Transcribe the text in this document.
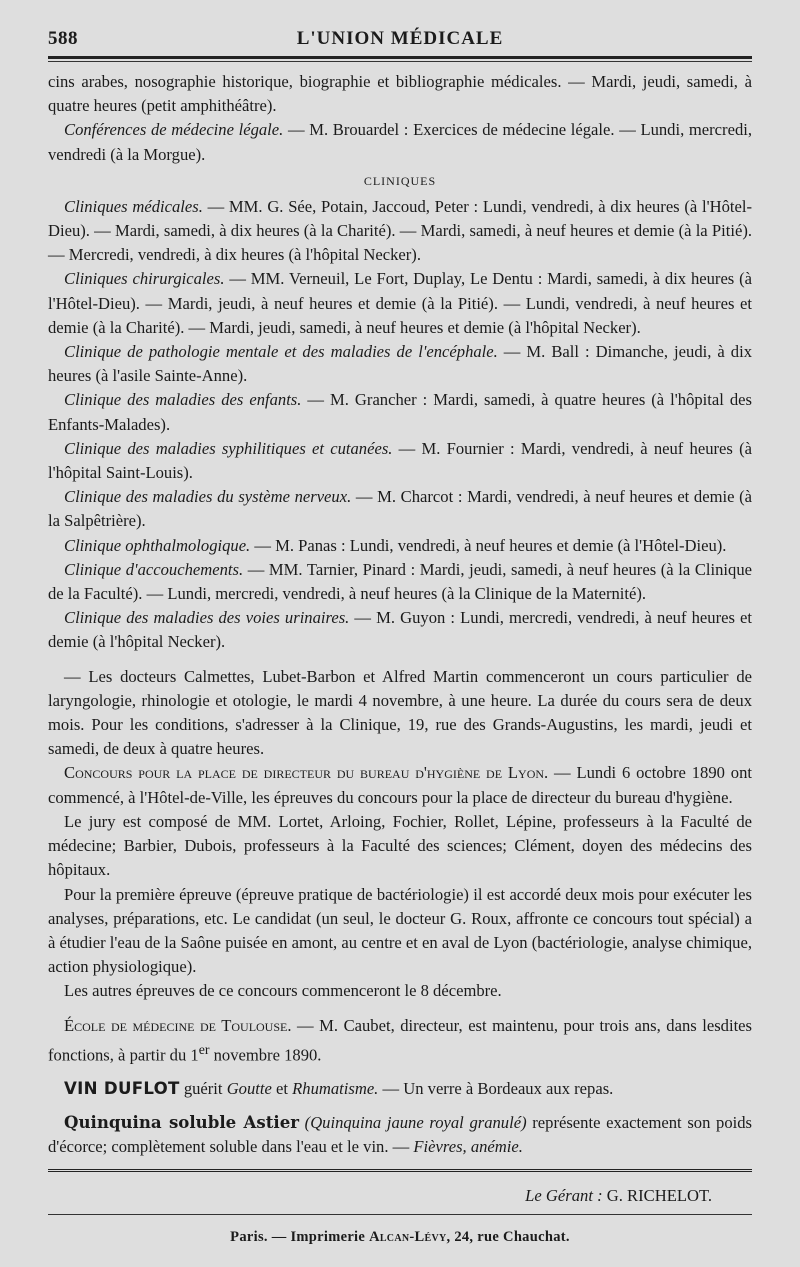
588	L'UNION MÉDICALE

cins arabes, nosographie historique, biographie et bibliographie médicales. — Mardi, jeudi, samedi, à quatre heures (petit amphithéâtre).

Conférences de médecine légale. — M. Brouardel : Exercices de médecine légale. — Lundi, mercredi, vendredi (à la Morgue).

CLINIQUES

Cliniques médicales. — MM. G. Sée, Potain, Jaccoud, Peter : Lundi, vendredi, à dix heures (à l'Hôtel-Dieu). — Mardi, samedi, à dix heures (à la Charité). — Mardi, samedi, à neuf heures et demie (à la Pitié). — Mercredi, vendredi, à dix heures (à l'hôpital Necker).

Cliniques chirurgicales. — MM. Verneuil, Le Fort, Duplay, Le Dentu : Mardi, samedi, à dix heures (à l'Hôtel-Dieu). — Mardi, jeudi, à neuf heures et demie (à la Pitié). — Lundi, vendredi, à neuf heures et demie (à la Charité). — Mardi, jeudi, samedi, à neuf heures et demie (à l'hôpital Necker).

Clinique de pathologie mentale et des maladies de l'encéphale. — M. Ball : Dimanche, jeudi, à dix heures (à l'asile Sainte-Anne).

Clinique des maladies des enfants. — M. Grancher : Mardi, samedi, à quatre heures (à l'hôpital des Enfants-Malades).

Clinique des maladies syphilitiques et cutanées. — M. Fournier : Mardi, vendredi, à neuf heures (à l'hôpital Saint-Louis).

Clinique des maladies du système nerveux. — M. Charcot : Mardi, vendredi, à neuf heures et demie (à la Salpêtrière).

Clinique ophthalmologique. — M. Panas : Lundi, vendredi, à neuf heures et demie (à l'Hôtel-Dieu).

Clinique d'accouchements. — MM. Tarnier, Pinard : Mardi, jeudi, samedi, à neuf heures (à la Clinique de la Faculté). — Lundi, mercredi, vendredi, à neuf heures (à la Clinique de la Maternité).

Clinique des maladies des voies urinaires. — M. Guyon : Lundi, mercredi, vendredi, à neuf heures et demie (à l'hôpital Necker).

— Les docteurs Calmettes, Lubet-Barbon et Alfred Martin commenceront un cours particulier de laryngologie, rhinologie et otologie, le mardi 4 novembre, à une heure. La durée du cours sera de deux mois. Pour les conditions, s'adresser à la Clinique, 19, rue des Grands-Augustins, les mardi, jeudi et samedi, de deux à quatre heures.

Concours pour la place de directeur du bureau d'hygiène de Lyon. — Lundi 6 octobre 1890 ont commencé, à l'Hôtel-de-Ville, les épreuves du concours pour la place de directeur du bureau d'hygiène.

Le jury est composé de MM. Lortet, Arloing, Fochier, Rollet, Lépine, professeurs à la Faculté de médecine; Barbier, Dubois, professeurs à la Faculté des sciences; Clément, doyen des médecins des hôpitaux.

Pour la première épreuve (épreuve pratique de bactériologie) il est accordé deux mois pour exécuter les analyses, préparations, etc. Le candidat (un seul, le docteur G. Roux, affronte ce concours tout spécial) a à étudier l'eau de la Saône puisée en amont, au centre et en aval de Lyon (bactériologie, analyse chimique, action physiologique).

Les autres épreuves de ce concours commenceront le 8 décembre.

École de médecine de Toulouse. — M. Caubet, directeur, est maintenu, pour trois ans, dans lesdites fonctions, à partir du 1er novembre 1890.

VIN DUFLOT guérit Goutte et Rhumatisme. — Un verre à Bordeaux aux repas.

Quinquina soluble Astier (Quinquina jaune royal granulé) représente exactement son poids d'écorce; complètement soluble dans l'eau et le vin. — Fièvres, anémie.

Le Gérant : G. RICHELOT.
Paris. — Imprimerie Alcan-Lévy, 24, rue Chauchat.
